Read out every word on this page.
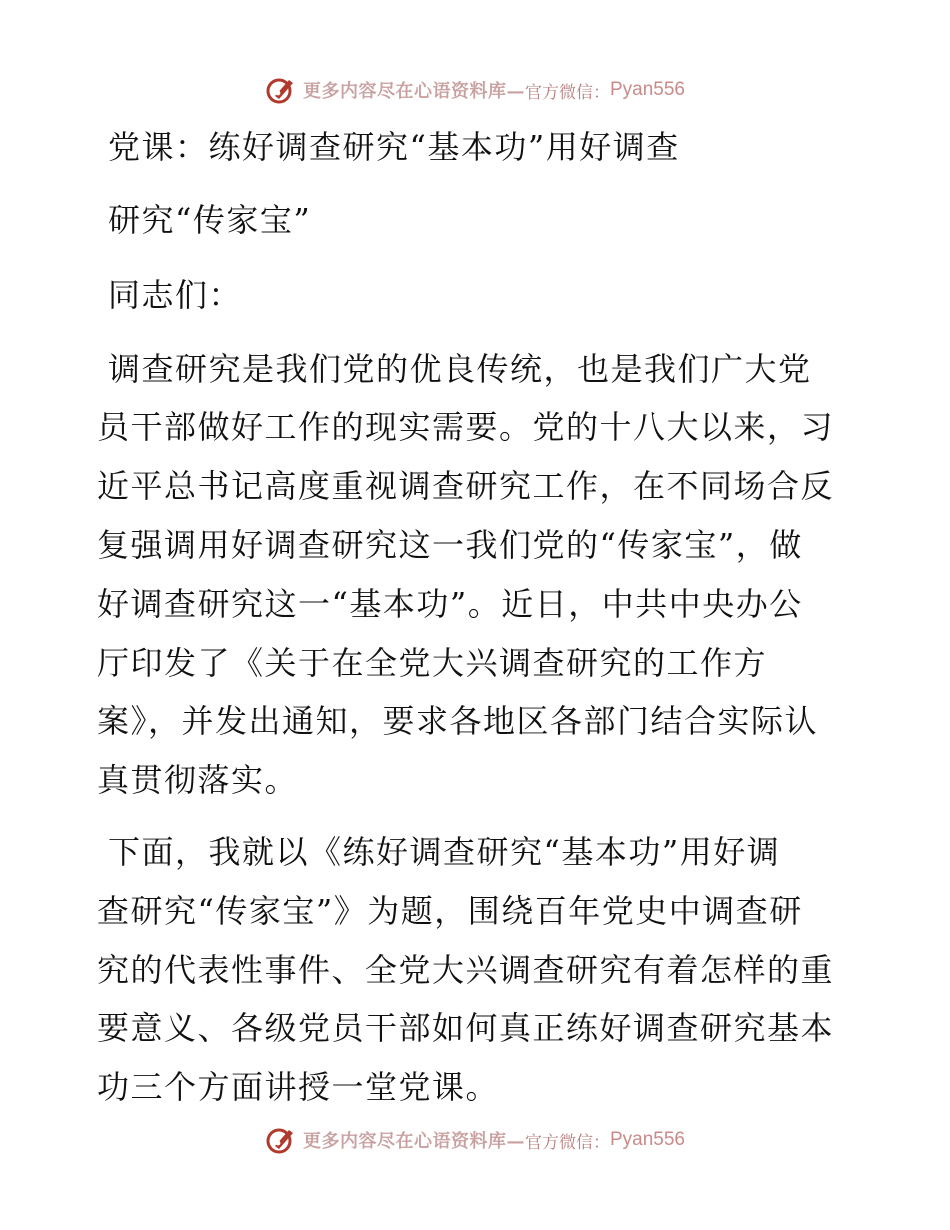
更多内容尽在心语资料库— 官方微信： Pyan556
党课：练好调查研究“基本功”用好调查
研究“传家宝”
同志们：
调查研究是我们党的优良传统，也是我们广大党
员干部做好工作的现实需要。党的十八大以来，习
近平总书记高度重视调查研究工作，在不同场合反
复强调用好调查研究这一我们党的“传家宝”，做
好调查研究这一“基本功”。近日，中共中央办公
厅印发了《关于在全党大兴调查研究的工作方
案》，并发出通知，要求各地区各部门结合实际认
真贯彻落实。
下面，我就以《练好调查研究“基本功”用好调
查研究“传家宝”》为题，围绕百年党史中调查研
究的代表性事件、全党大兴调查研究有着怎样的重
要意义、各级党员干部如何真正练好调查研究基本
功三个方面讲授一堂党课。
更多内容尽在心语资料库— 官方微信： Pyan556
